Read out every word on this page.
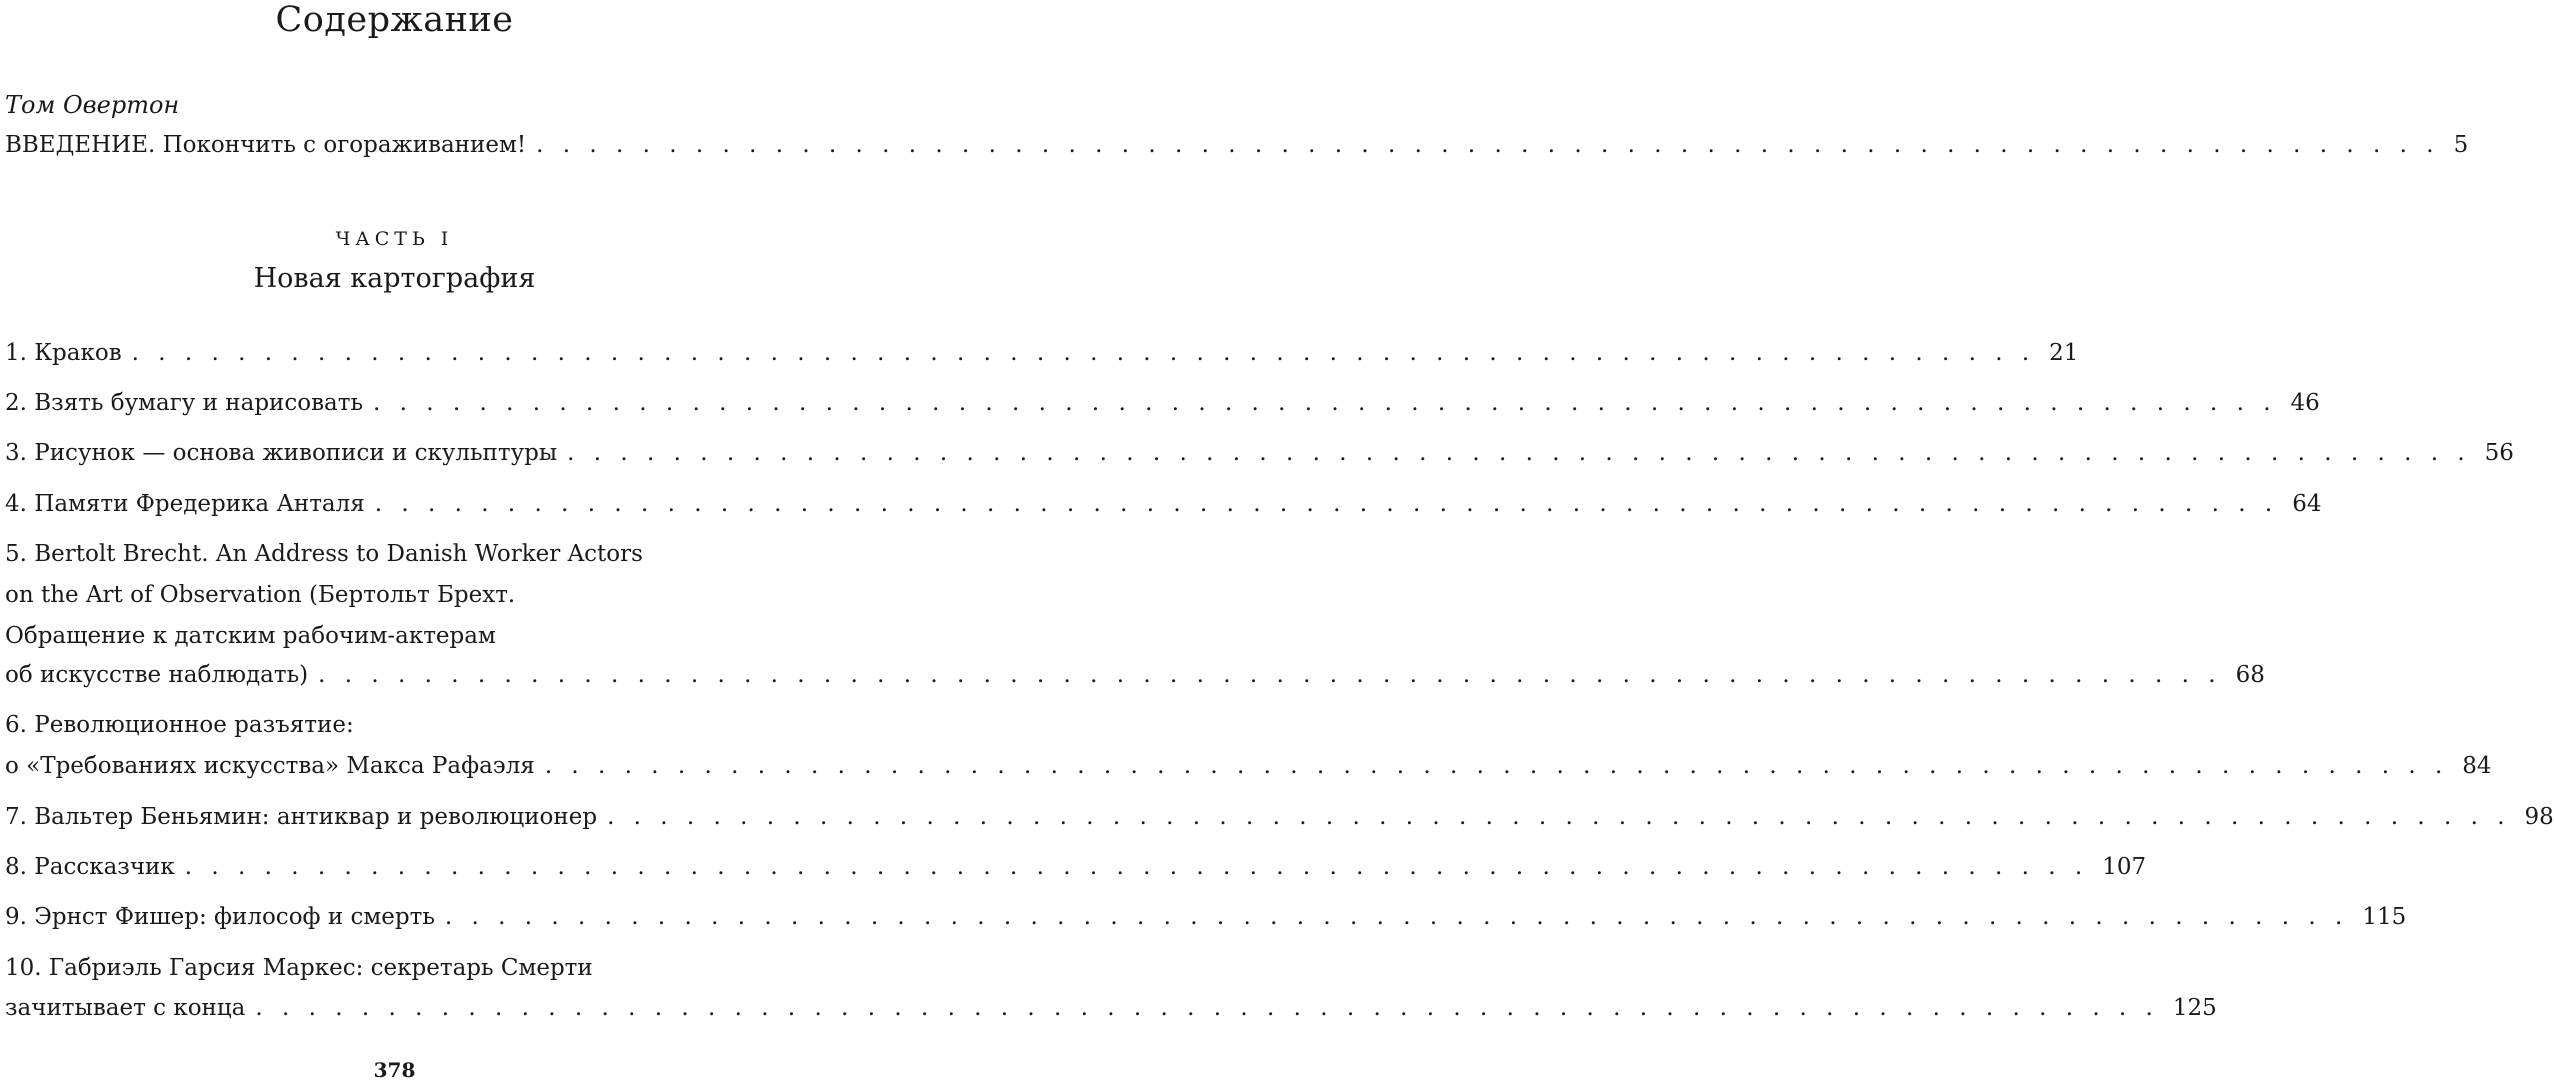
Содержание
Том Овертон
ВВЕДЕНИЕ. Покончить с огораживанием! . . . . . . . . . . . . . . . . . . . . . . . . . . . . . . . . . . . . . . . . . . . . . . . . . . . . . . . . . . . . . . . . . . . . . . . . 5
ЧАСТЬ I
Новая картография
1. Краков . . . . . . . . . . . . . . . . . . . . . . . . . . . . . . . . . . . . . . . . . . . . . . . . . . . . . . . . . . . . . . . . . . . . . . . . 21
2. Взять бумагу и нарисовать . . . . . . . . . . . . . . . . . . . . . . . . . . . . . . . . . . . . . . . . . . . . . . . . . . . . . . . . . . . . . . . . . . . . . . . . 46
3. Рисунок — основа живописи и скульптуры . . . . . . . . . . . . . . . . . . . . . . . . . . . . . . . . . . . . . . . . . . . . . . . . . . . . . . . . . . . . . . . . . . . . . . . . 56
4. Памяти Фредерика Анталя . . . . . . . . . . . . . . . . . . . . . . . . . . . . . . . . . . . . . . . . . . . . . . . . . . . . . . . . . . . . . . . . . . . . . . . . 64
5. Bertolt Brecht. An Address to Danish Worker Actors
on the Art of Observation (Бертольт Брехт.
Обращение к датским рабочим-актерам
об искусстве наблюдать) . . . . . . . . . . . . . . . . . . . . . . . . . . . . . . . . . . . . . . . . . . . . . . . . . . . . . . . . . . . . . . . . . . . . . . . . 68
6. Революционное разъятие:
о «Требованиях искусства» Макса Рафаэля . . . . . . . . . . . . . . . . . . . . . . . . . . . . . . . . . . . . . . . . . . . . . . . . . . . . . . . . . . . . . . . . . . . . . . . . 84
7. Вальтер Беньямин: антиквар и революционер . . . . . . . . . . . . . . . . . . . . . . . . . . . . . . . . . . . . . . . . . . . . . . . . . . . . . . . . . . . . . . . . . . . . . . . . 98
8. Рассказчик . . . . . . . . . . . . . . . . . . . . . . . . . . . . . . . . . . . . . . . . . . . . . . . . . . . . . . . . . . . . . . . . . . . . . . . . 107
9. Эрнст Фишер: философ и смерть . . . . . . . . . . . . . . . . . . . . . . . . . . . . . . . . . . . . . . . . . . . . . . . . . . . . . . . . . . . . . . . . . . . . . . . . 115
10. Габриэль Гарсия Маркес: секретарь Смерти
зачитывает с конца . . . . . . . . . . . . . . . . . . . . . . . . . . . . . . . . . . . . . . . . . . . . . . . . . . . . . . . . . . . . . . . . . . . . . . . . 125
378
